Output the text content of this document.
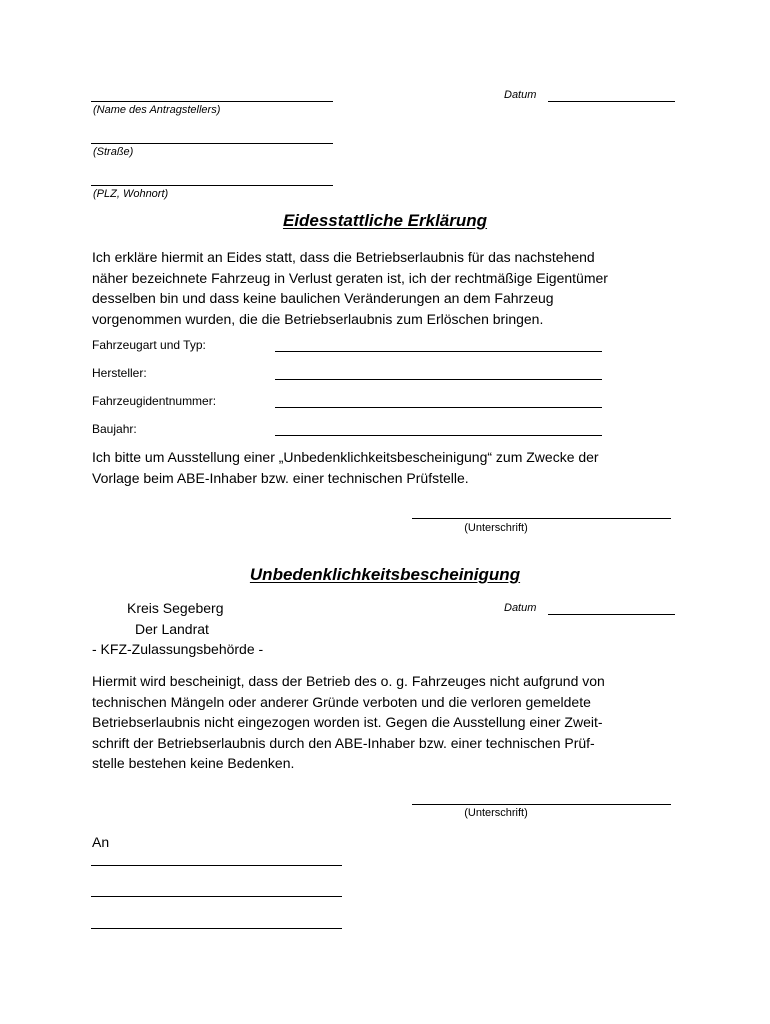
Datum
(Name des Antragstellers)
(Straße)
(PLZ, Wohnort)
Eidesstattliche Erklärung
Ich erkläre hiermit an Eides statt, dass die Betriebserlaubnis für das nachstehend
näher bezeichnete Fahrzeug in Verlust geraten ist, ich der rechtmäßige Eigentümer
desselben bin und dass keine baulichen Veränderungen an dem Fahrzeug
vorgenommen wurden, die die Betriebserlaubnis zum Erlöschen bringen.
Fahrzeugart und Typ:
Hersteller:
Fahrzeugidentnummer:
Baujahr:
Ich bitte um Ausstellung einer „Unbedenklichkeitsbescheinigung“ zum Zwecke der
Vorlage beim ABE-Inhaber bzw. einer technischen Prüfstelle.
(Unterschrift)
Unbedenklichkeitsbescheinigung
Kreis Segeberg
Der Landrat
- KFZ-Zulassungsbehörde -
Datum
Hiermit wird bescheinigt, dass der Betrieb des o. g. Fahrzeuges nicht aufgrund von
technischen Mängeln oder anderer Gründe verboten und die verloren gemeldete
Betriebserlaubnis nicht eingezogen worden ist. Gegen die Ausstellung einer Zweit-
schrift der Betriebserlaubnis durch den ABE-Inhaber bzw. einer technischen Prüf-
stelle bestehen keine Bedenken.
(Unterschrift)
An
